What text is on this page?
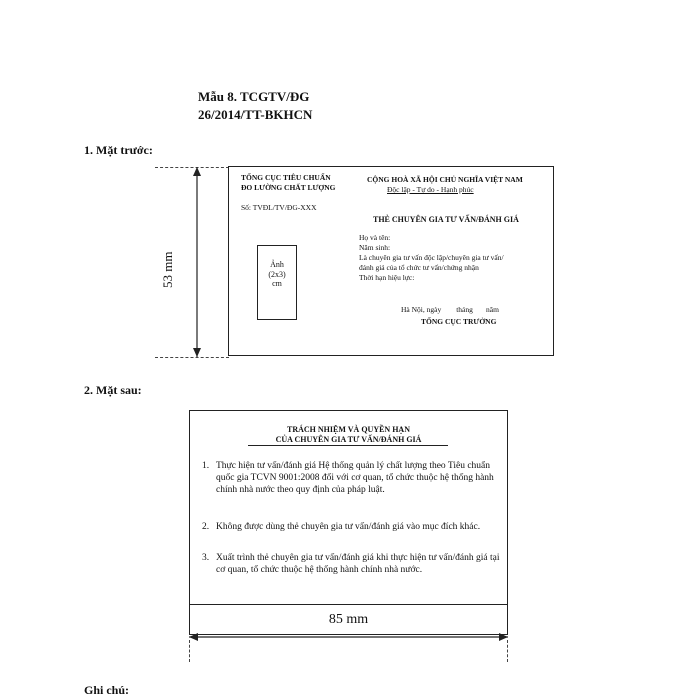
Mẫu 8. TCGTV/ĐG
26/2014/TT-BKHCN
1. Mặt trước:
53 mm
TỔNG CỤC TIÊU CHUẨN
ĐO LƯỜNG CHẤT LƯỢNG
Số: TVĐL/TV/ĐG-XXX
CỘNG HOÀ XÃ HỘI CHỦ NGHĨA VIỆT NAM
Độc lập - Tự do - Hạnh phúc
THẺ CHUYÊN GIA TƯ VẤN/ĐÁNH GIÁ
Ảnh
(2x3)
cm
Họ và tên:
Năm sinh:
Là chuyên gia tư vấn độc lập/chuyên gia tư vấn/
đánh giá của tổ chức tư vấn/chứng nhận
Thời hạn hiệu lực:
Hà Nội, ngày        tháng       năm
TỔNG CỤC TRƯỞNG
2. Mặt sau:
TRÁCH NHIỆM VÀ QUYỀN HẠN
CỦA CHUYÊN GIA TƯ VẤN/ĐÁNH GIÁ
1. Thực hiện tư vấn/đánh giá Hệ thống quản lý chất lượng theo Tiêu chuẩn quốc gia TCVN 9001:2008 đối với cơ quan, tổ chức thuộc hệ thống hành chính nhà nước theo quy định của pháp luật.
2. Không được dùng thẻ chuyên gia tư vấn/đánh giá vào mục đích khác.
3. Xuất trình thẻ chuyên gia tư vấn/đánh giá khi thực hiện tư vấn/đánh giá tại cơ quan, tổ chức thuộc hệ thống hành chính nhà nước.
85 mm
Ghi chú:
